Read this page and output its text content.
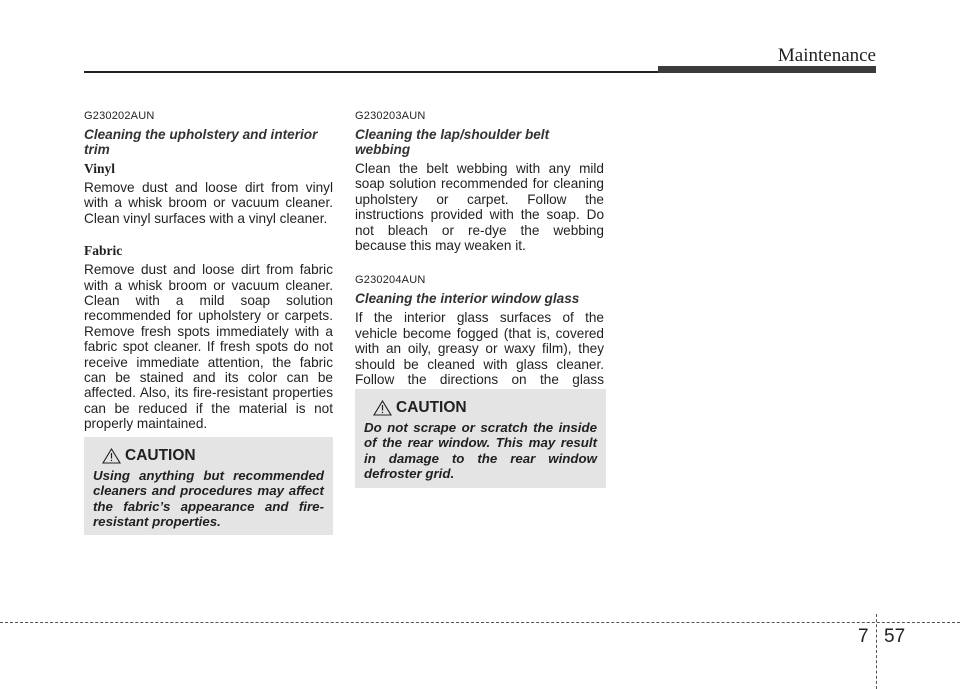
Maintenance

G230202AUN

Cleaning the upholstery and interior trim

Vinyl

Remove dust and loose dirt from vinyl with a whisk broom or vacuum cleaner. Clean vinyl surfaces with a vinyl cleaner.

Fabric

Remove dust and loose dirt from fabric with a whisk broom or vacuum cleaner. Clean with a mild soap solution recommended for upholstery or carpets. Remove fresh spots immediately with a fabric spot cleaner. If fresh spots do not receive immediate attention, the fabric can be stained and its color can be affected. Also, its fire-resistant properties can be reduced if the material is not properly maintained.

CAUTION

Using anything but recommended cleaners and procedures may affect the fabric’s appearance and fire-resistant properties.

G230203AUN

Cleaning the lap/shoulder belt webbing

Clean the belt webbing with any mild soap solution recommended for cleaning upholstery or carpet. Follow the instructions provided with the soap. Do not bleach or re-dye the webbing because this may weaken it.

G230204AUN

Cleaning the interior window glass

If the interior glass surfaces of the vehicle become fogged (that is, covered with an oily, greasy or waxy film), they should be cleaned with glass cleaner. Follow the directions on the glass

CAUTION

Do not scrape or scratch the inside of the rear window. This may result in damage to the rear window defroster grid.

7 57
